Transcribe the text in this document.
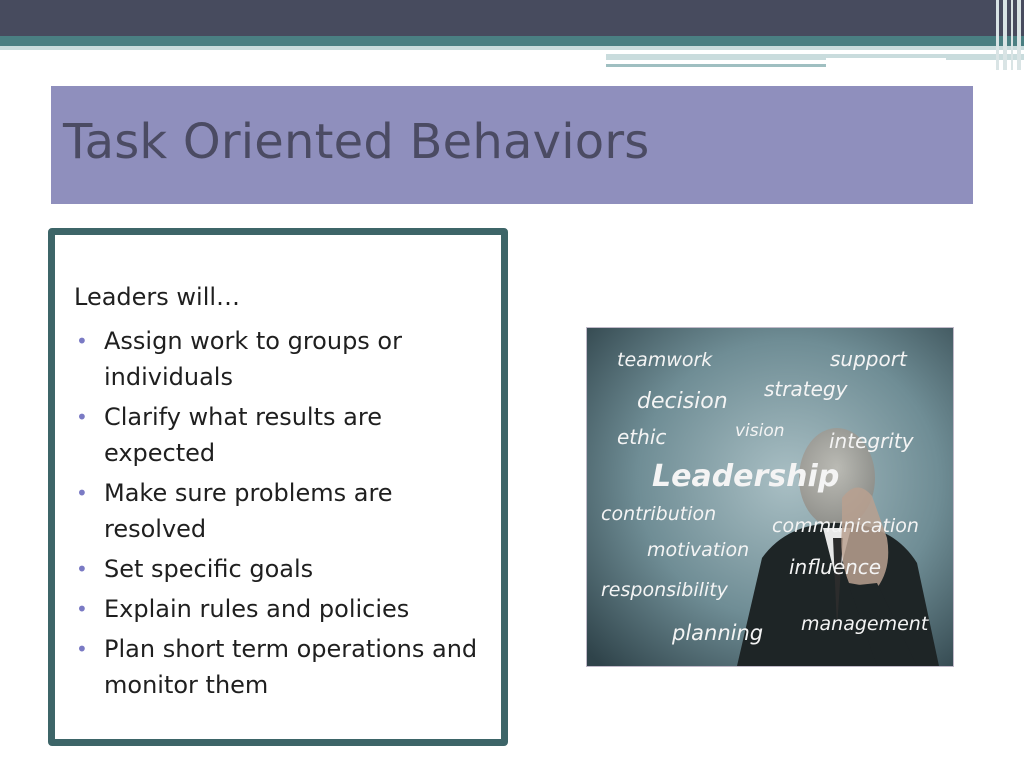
Task Oriented Behaviors
Leaders will…
• Assign work to groups or individuals
• Clarify what results are expected
• Make sure problems are resolved
• Set specific goals
• Explain rules and policies
• Plan short term operations and monitor them
teamwork	support
decision strategy
ethic	vision integrity
Leadership
contribution
communication
motivation
influence
responsibility
planning management
